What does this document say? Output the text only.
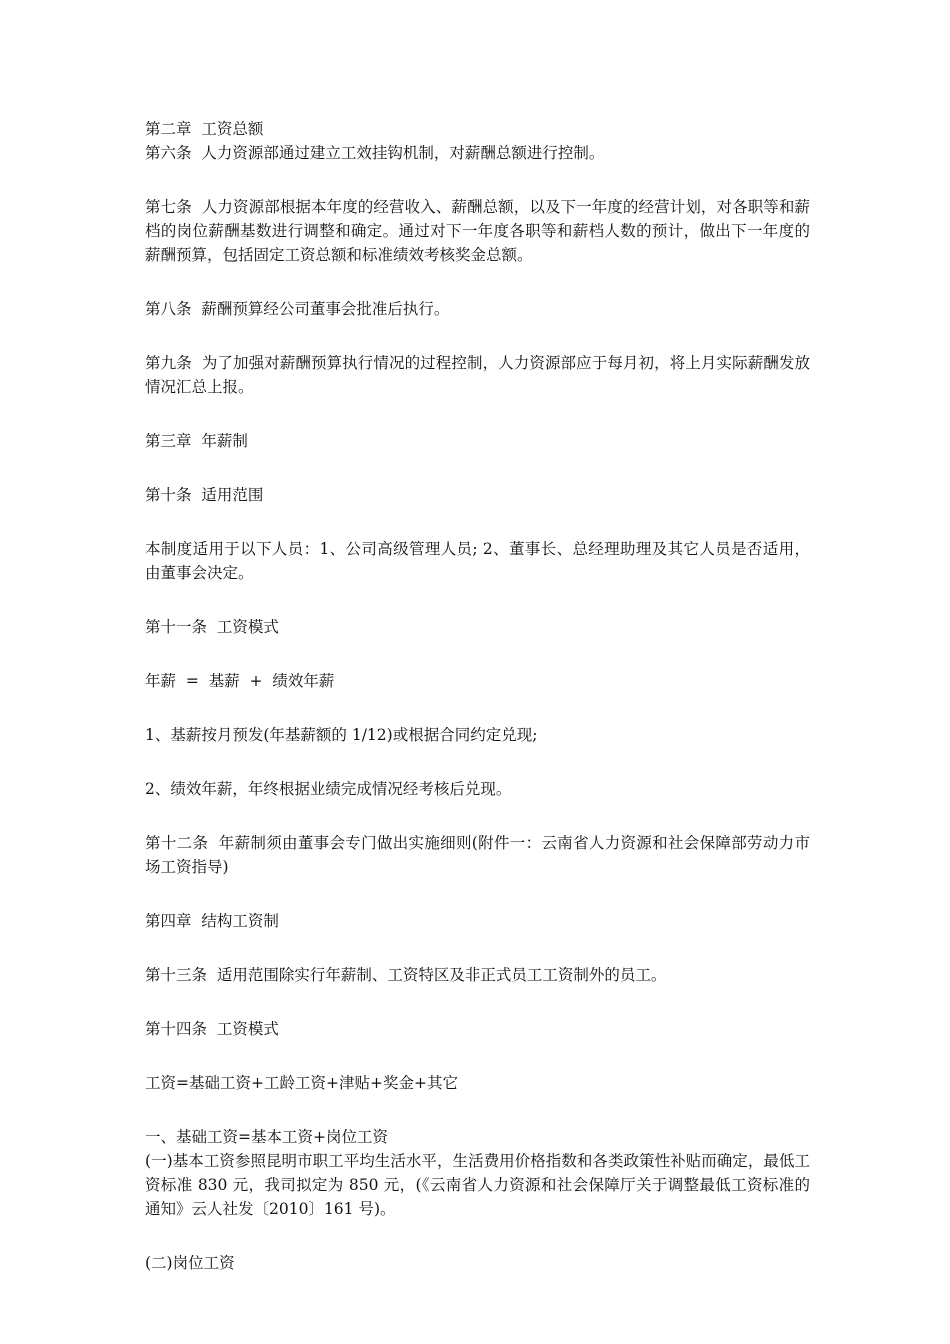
第二章  工资总额

第六条  人力资源部通过建立工效挂钩机制，对薪酬总额进行控制。

第七条  人力资源部根据本年度的经营收入、薪酬总额，以及下一年度的经营计划，对各职等和薪档的岗位薪酬基数进行调整和确定。通过对下一年度各职等和薪档人数的预计，做出下一年度的薪酬预算，包括固定工资总额和标准绩效考核奖金总额。

第八条  薪酬预算经公司董事会批准后执行。

第九条  为了加强对薪酬预算执行情况的过程控制，人力资源部应于每月初，将上月实际薪酬发放情况汇总上报。

第三章  年薪制

第十条  适用范围

本制度适用于以下人员：1、公司高级管理人员; 2、董事长、总经理助理及其它人员是否适用，由董事会决定。

第十一条  工资模式

年薪  =  基薪  +  绩效年薪

1、基薪按月预发(年基薪额的 1/12)或根据合同约定兑现;

2、绩效年薪，年终根据业绩完成情况经考核后兑现。

第十二条  年薪制须由董事会专门做出实施细则(附件一：云南省人力资源和社会保障部劳动力市场工资指导)

第四章  结构工资制

第十三条  适用范围除实行年薪制、工资特区及非正式员工工资制外的员工。

第十四条  工资模式

工资=基础工资+工龄工资+津贴+奖金+其它

一、基础工资=基本工资+岗位工资

(一)基本工资参照昆明市职工平均生活水平，生活费用价格指数和各类政策性补贴而确定，最低工资标准 830 元，我司拟定为 850 元，(《云南省人力资源和社会保障厅关于调整最低工资标准的通知》云人社发〔2010〕161 号)。

(二)岗位工资
